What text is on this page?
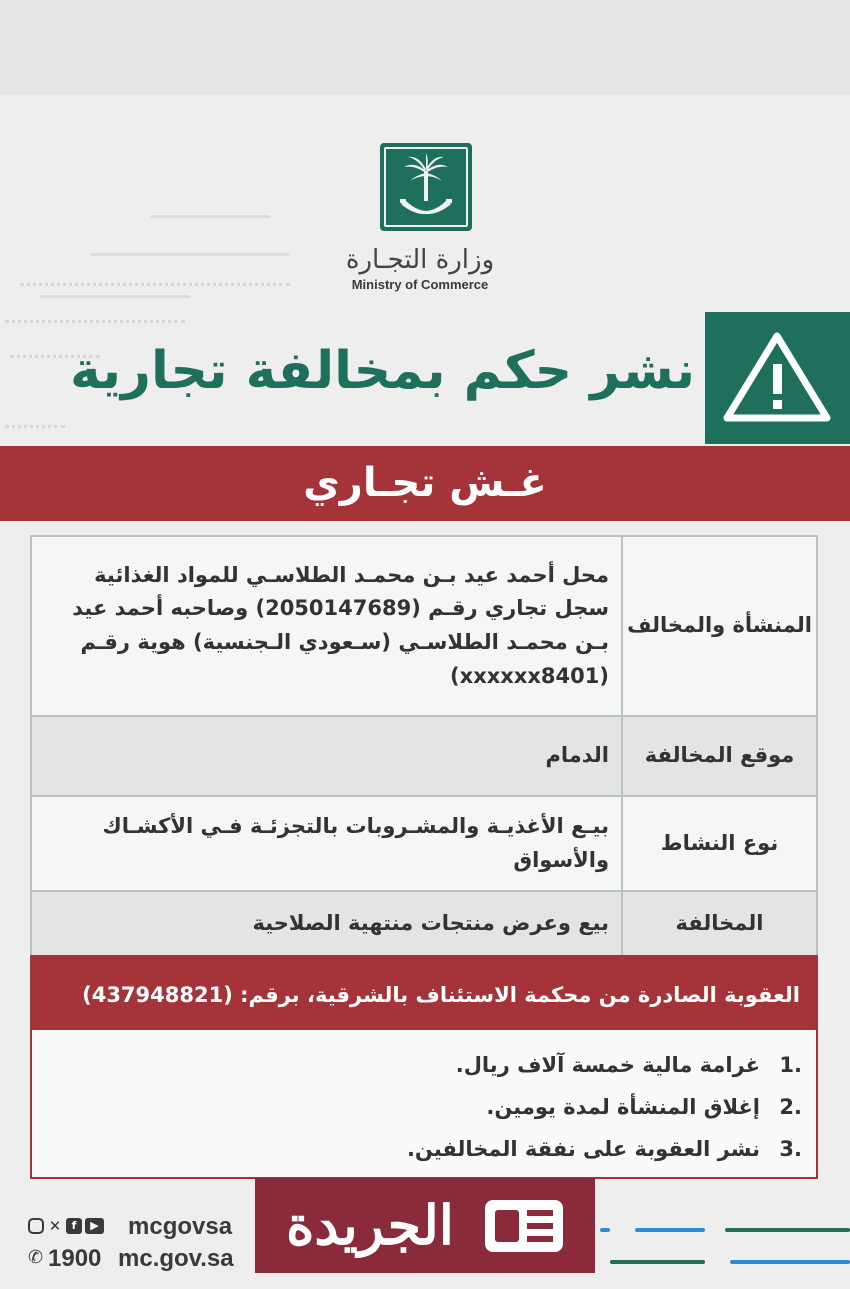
وزارة التجـارة
Ministry of Commerce
نشر حكم بمخالفة تجارية
غـش تجـاري
المنشأة والمخالف	محل أحمد عيد بـن محمـد الطلاسـي للمواد الغذائية سجل تجاري رقـم (2050147689) وصاحبه أحمد عيد بـن محمـد الطلاسـي (سـعودي الـجنسية) هوية رقـم (xxxxxx8401)
موقع المخالفة	الدمام
نوع النشاط	بيـع الأغذيـة والمشـروبات بالتجزئـة فـي الأكشـاك والأسواق
المخالفة	بيع وعرض منتجات منتهية الصلاحية
العقوبة الصادرة من محكمة الاستئناف بالشرقية، برقم: (437948821)
1.
غرامة مالية خمسة آلاف ريال.
2.
إغلاق المنشأة لمدة يومين.
3.
نشر العقوبة على نفقة المخالفين.
✕ f	▶ mcgovsa
✆ 1900 mc.gov.sa
الجريدة
